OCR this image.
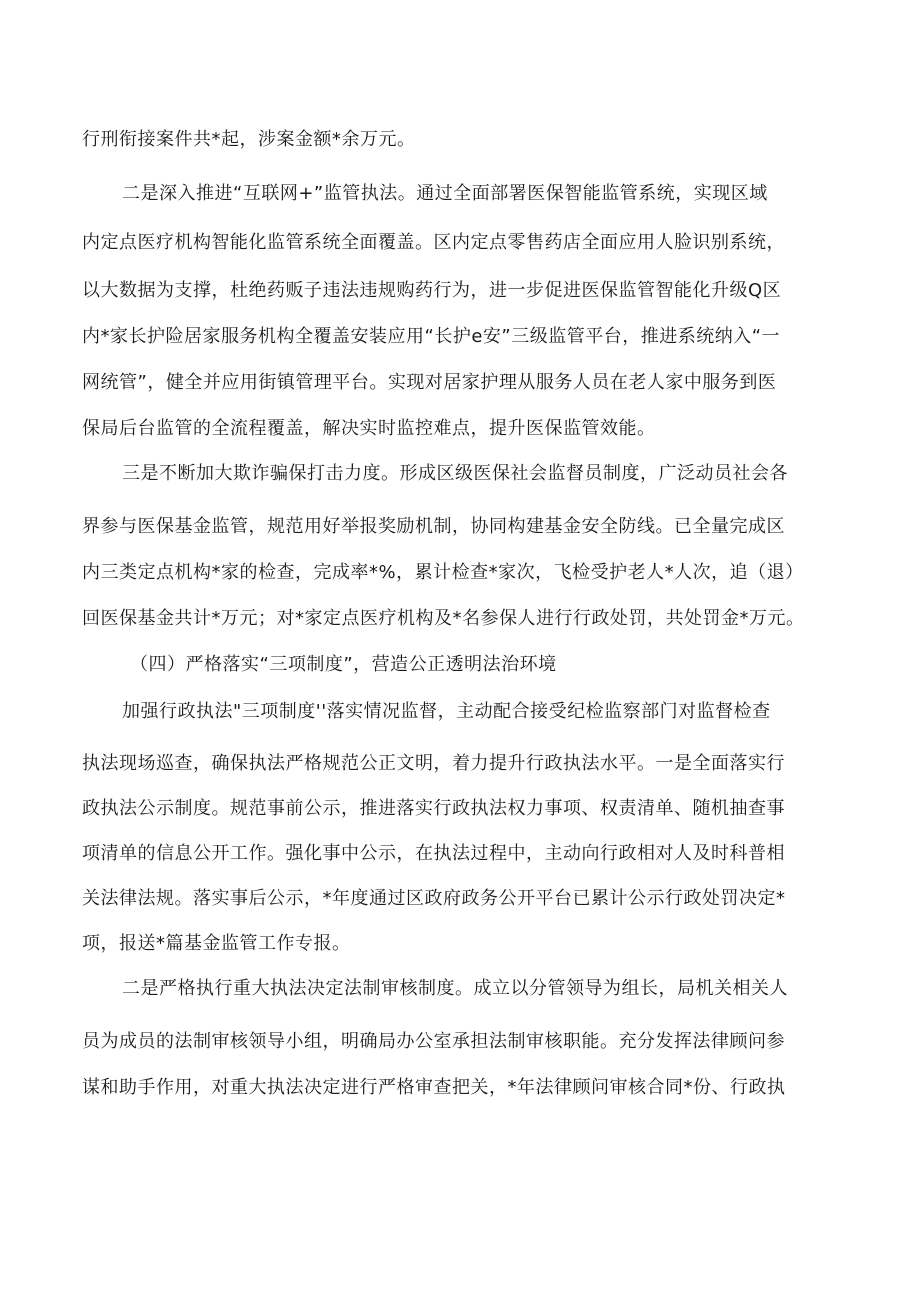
行刑衔接案件共*起，涉案金额*余万元。
二是深入推进“互联网+”监管执法。通过全面部署医保智能监管系统，实现区域
内定点医疗机构智能化监管系统全面覆盖。区内定点零售药店全面应用人脸识别系统，
以大数据为支撑，杜绝药贩子违法违规购药行为，进一步促进医保监管智能化升级Q区
内*家长护险居家服务机构全覆盖安装应用“长护e安”三级监管平台，推进系统纳入“一
网统管”，健全并应用街镇管理平台。实现对居家护理从服务人员在老人家中服务到医
保局后台监管的全流程覆盖，解决实时监控难点，提升医保监管效能。
三是不断加大欺诈骗保打击力度。形成区级医保社会监督员制度，广泛动员社会各
界参与医保基金监管，规范用好举报奖励机制，协同构建基金安全防线。已全量完成区
内三类定点机构*家的检查，完成率*%，累计检查*家次，飞检受护老人*人次，追（退）
回医保基金共计*万元；对*家定点医疗机构及*名参保人进行行政处罚，共处罚金*万元。
（四）严格落实“三项制度”，营造公正透明法治环境
加强行政执法"三项制度''落实情况监督，主动配合接受纪检监察部门对监督检查
执法现场巡查，确保执法严格规范公正文明，着力提升行政执法水平。一是全面落实行
政执法公示制度。规范事前公示，推进落实行政执法权力事项、权责清单、随机抽查事
项清单的信息公开工作。强化事中公示，在执法过程中，主动向行政相对人及时科普相
关法律法规。落实事后公示，*年度通过区政府政务公开平台已累计公示行政处罚决定*
项，报送*篇基金监管工作专报。
二是严格执行重大执法决定法制审核制度。成立以分管领导为组长，局机关相关人
员为成员的法制审核领导小组，明确局办公室承担法制审核职能。充分发挥法律顾问参
谋和助手作用，对重大执法决定进行严格审查把关，*年法律顾问审核合同*份、行政执
